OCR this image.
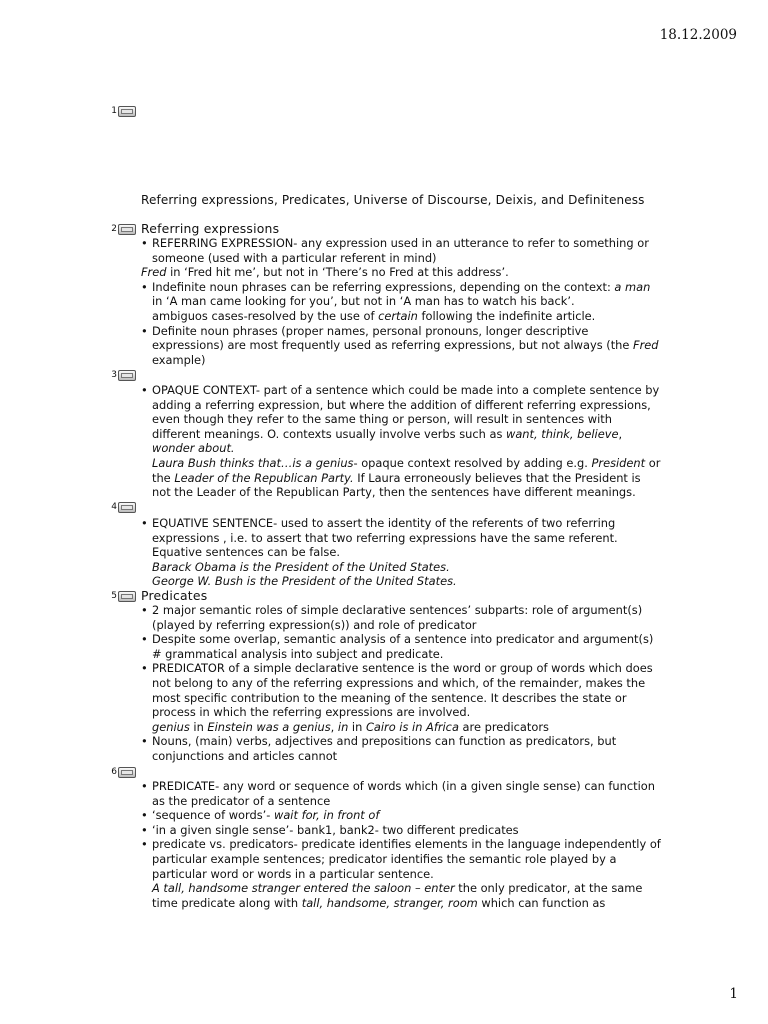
18.12.2009
1
2
3
4
5
6
Referring expressions, Predicates, Universe of Discourse, Deixis, and Definiteness
Referring expressions
• REFERRING EXPRESSION- any expression used in an utterance to refer to something or someone (used with a particular referent in mind)
Fred in ‘Fred hit me’, but not in ‘There’s no Fred at this address’.
• Indefinite noun phrases can be referring expressions, depending on the context: a man in ‘A man came looking for you’, but not in ‘A man has to watch his back’.
ambiguos cases-resolved by the use of certain following the indefinite article.
• Definite noun phrases (proper names, personal pronouns, longer descriptive expressions) are most frequently used as referring expressions, but not always (the Fred example)
• OPAQUE CONTEXT- part of a sentence which could be made into a complete sentence by adding a referring expression, but where the addition of different referring expressions, even though they refer to the same thing or person, will result in sentences with different meanings. O. contexts usually involve verbs such as want, think, believe, wonder about.
Laura Bush thinks that…is a genius- opaque context resolved by adding e.g. President or the Leader of the Republican Party. If Laura erroneously believes that the President is not the Leader of the Republican Party, then the sentences have different meanings.
• EQUATIVE SENTENCE- used to assert the identity of the referents of two referring expressions , i.e. to assert that two referring expressions have the same referent.
Equative sentences can be false.
Barack Obama is the President of the United States.
George W. Bush is the President of the United States.
Predicates
• 2 major semantic roles of simple declarative sentences’ subparts: role of argument(s) (played by referring expression(s)) and role of predicator
• Despite some overlap, semantic analysis of a sentence into predicator and argument(s) # grammatical analysis into subject and predicate.
• PREDICATOR of a simple declarative sentence is the word or group of words which does not belong to any of the referring expressions and which, of the remainder, makes the most specific contribution to the meaning of the sentence. It describes the state or process in which the referring expressions are involved.
genius in Einstein was a genius, in in Cairo is in Africa are predicators
• Nouns, (main) verbs, adjectives and prepositions can function as predicators, but conjunctions and articles cannot
• PREDICATE- any word or sequence of words which (in a given single sense) can function as the predicator of a sentence
• ‘sequence of words’- wait for, in front of
• ‘in a given single sense’- bank1, bank2- two different predicates
• predicate vs. predicators- predicate identifies elements in the language independently of particular example sentences; predicator identifies the semantic role played by a particular word or words in a particular sentence.
A tall, handsome stranger entered the saloon – enter the only predicator, at the same time predicate along with tall, handsome, stranger, room which can function as
1
